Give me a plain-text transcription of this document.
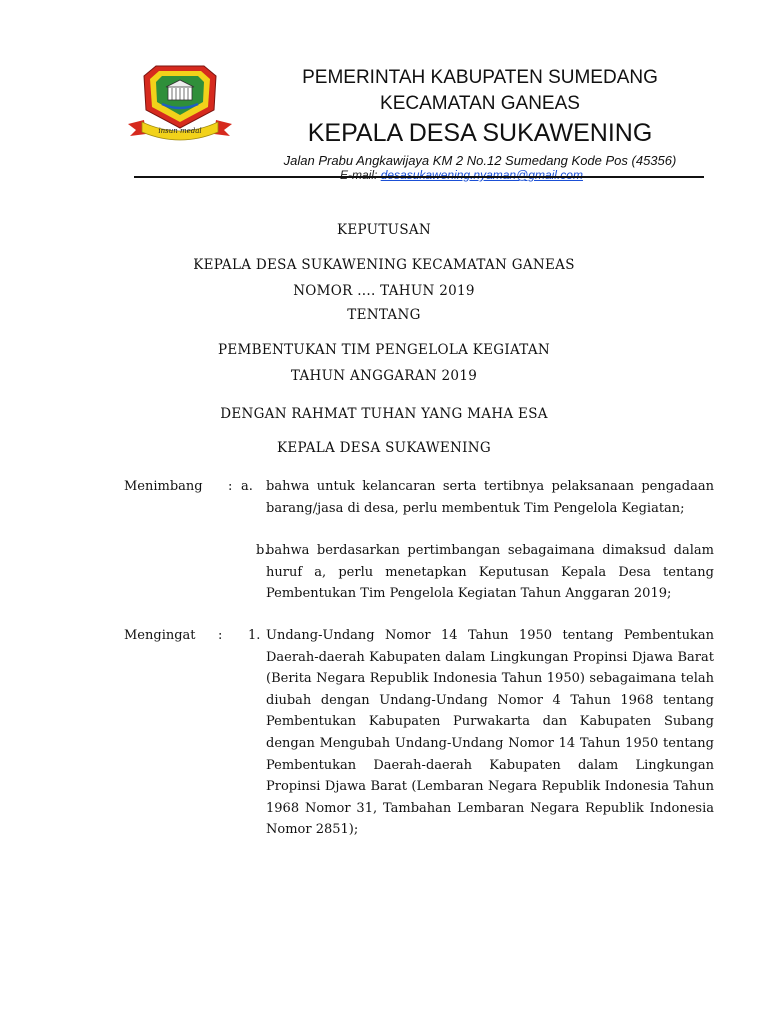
insun medal
PEMERINTAH KABUPATEN SUMEDANG
KECAMATAN GANEAS
KEPALA DESA SUKAWENING
Jalan Prabu Angkawijaya KM 2 No.12 Sumedang Kode Pos (45356)
E-mail: desasukawening.nyaman@gmail.com
KEPUTUSAN
KEPALA DESA SUKAWENING KECAMATAN GANEAS
NOMOR .... TAHUN 2019
TENTANG
PEMBENTUKAN TIM PENGELOLA KEGIATAN
TAHUN ANGGARAN 2019
DENGAN RAHMAT TUHAN YANG MAHA ESA
KEPALA DESA SUKAWENING
Menimbang : a. bahwa untuk kelancaran serta tertibnya pelaksanaan pengadaan barang/jasa di desa, perlu membentuk Tim Pengelola Kegiatan;
b.
bahwa berdasarkan pertimbangan sebagaimana dimaksud dalam huruf a, perlu menetapkan Keputusan Kepala Desa tentang Pembentukan Tim Pengelola Kegiatan Tahun Anggaran 2019;
Mengingat : 1. Undang-Undang Nomor 14 Tahun 1950 tentang Pembentukan Daerah-daerah Kabupaten dalam Lingkungan Propinsi Djawa Barat (Berita Negara Republik Indonesia Tahun 1950) sebagaimana telah diubah dengan Undang-Undang Nomor 4 Tahun 1968 tentang Pembentukan Kabupaten Purwakarta dan Kabupaten Subang dengan Mengubah Undang-Undang Nomor 14 Tahun 1950 tentang Pembentukan Daerah-daerah Kabupaten dalam Lingkungan Propinsi Djawa Barat (Lembaran Negara Republik Indonesia Tahun 1968 Nomor 31, Tambahan Lembaran Negara Republik Indonesia Nomor 2851);
